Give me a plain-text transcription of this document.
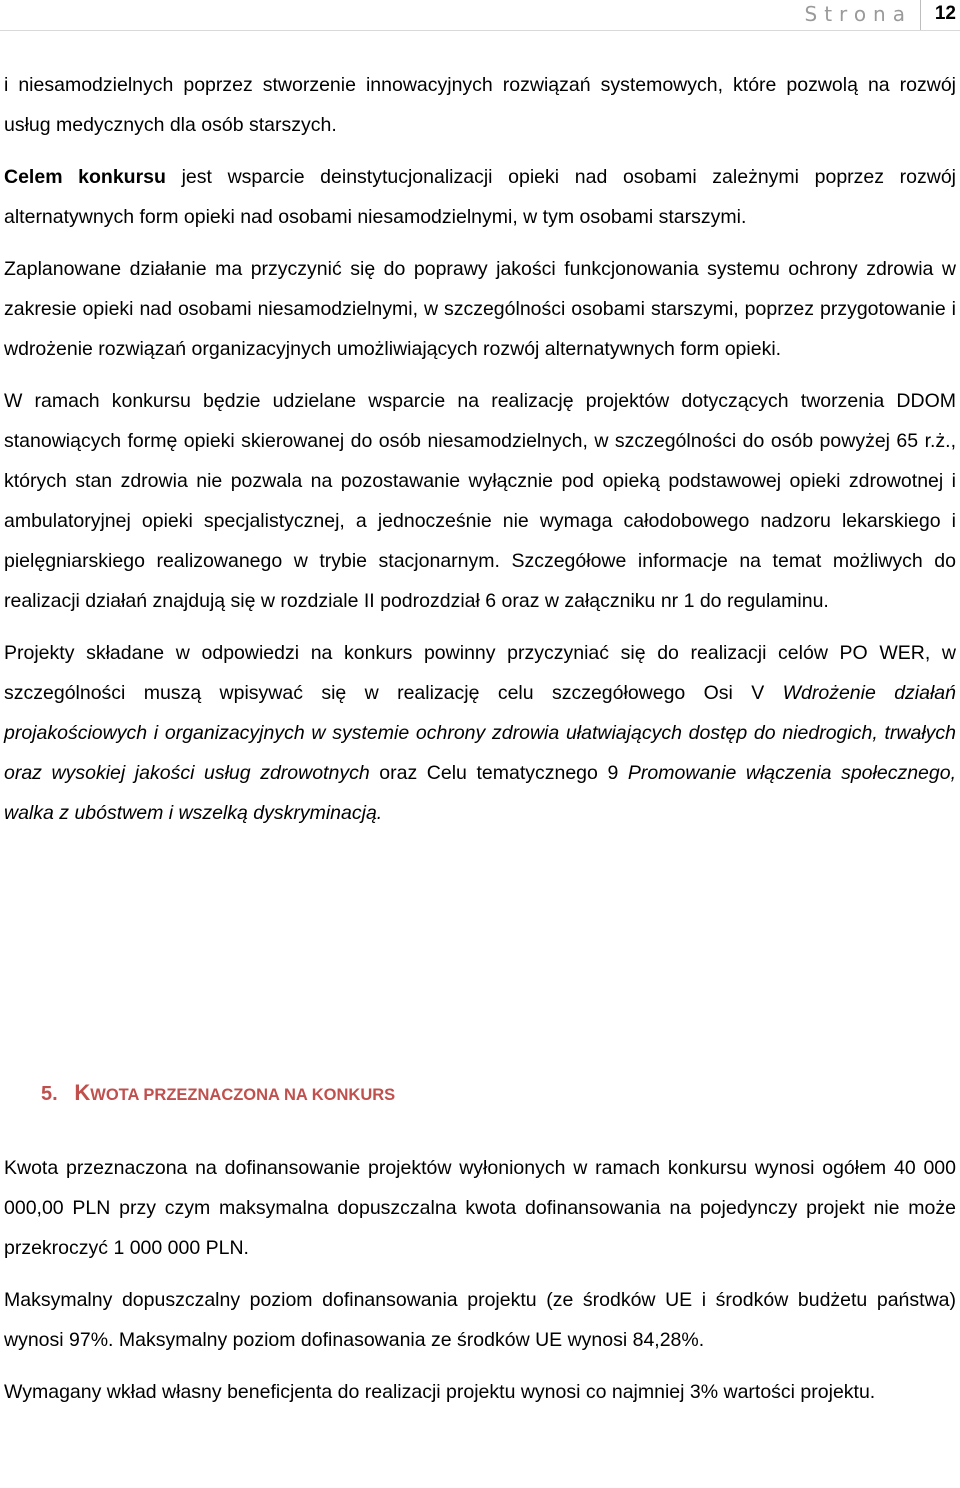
Strona 12

i niesamodzielnych poprzez stworzenie innowacyjnych rozwiązań systemowych, które pozwolą na rozwój usług medycznych dla osób starszych.

Celem konkursu jest wsparcie deinstytucjonalizacji opieki nad osobami zależnymi poprzez rozwój alternatywnych form opieki nad osobami niesamodzielnymi, w tym osobami starszymi.

Zaplanowane działanie ma przyczynić się do poprawy jakości funkcjonowania systemu ochrony zdrowia w zakresie opieki nad osobami niesamodzielnymi, w szczególności osobami starszymi, poprzez przygotowanie i wdrożenie rozwiązań organizacyjnych umożliwiających rozwój alternatywnych form opieki.

W ramach konkursu będzie udzielane wsparcie na realizację projektów dotyczących tworzenia DDOM stanowiących formę opieki skierowanej do osób niesamodzielnych, w szczególności do osób powyżej 65 r.ż., których stan zdrowia nie pozwala na pozostawanie wyłącznie pod opieką podstawowej opieki zdrowotnej i ambulatoryjnej opieki specjalistycznej, a jednocześnie nie wymaga całodobowego nadzoru lekarskiego i pielęgniarskiego realizowanego w trybie stacjonarnym. Szczegółowe informacje na temat możliwych do realizacji działań znajdują się w rozdziale II podrozdział 6 oraz w załączniku nr 1 do regulaminu.

Projekty składane w odpowiedzi na konkurs powinny przyczyniać się do realizacji celów PO WER, w szczególności muszą wpisywać się w realizację celu szczegółowego Osi V Wdrożenie działań projakościowych i organizacyjnych w systemie ochrony zdrowia ułatwiających dostęp do niedrogich, trwałych oraz wysokiej jakości usług zdrowotnych oraz Celu tematycznego 9 Promowanie włączenia społecznego, walka z ubóstwem i wszelką dyskryminacją.

5. KWOTA PRZEZNACZONA NA KONKURS

Kwota przeznaczona na dofinansowanie projektów wyłonionych w ramach konkursu wynosi ogółem 40 000 000,00 PLN przy czym maksymalna dopuszczalna kwota dofinansowania na pojedynczy projekt nie może przekroczyć 1 000 000 PLN.

Maksymalny dopuszczalny poziom dofinansowania projektu (ze środków UE i środków budżetu państwa) wynosi 97%. Maksymalny poziom dofinasowania ze środków UE wynosi 84,28%.

Wymagany wkład własny beneficjenta do realizacji projektu wynosi co najmniej 3% wartości projektu.
